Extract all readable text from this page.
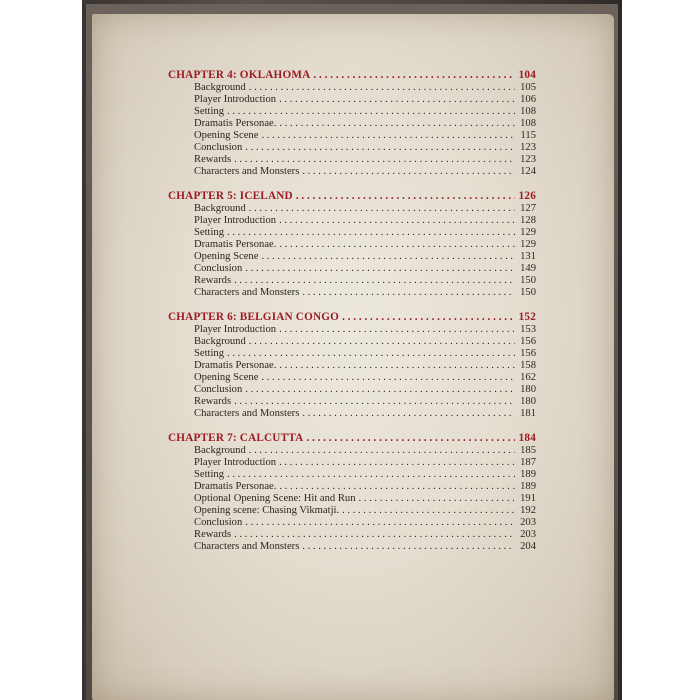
CHAPTER 4: OKLAHOMA . . .	104
Background . . .	105
Player Introduction . . .	106
Setting . . .	108
Dramatis Personae. . . .	108
Opening Scene . . .	115
Conclusion . . .	123
Rewards . . .	123
Characters and Monsters . . .	124
CHAPTER 5: ICELAND . . .	126
Background . . .	127
Player Introduction . . .	128
Setting . . .	129
Dramatis Personae. . . .	129
Opening Scene . . .	131
Conclusion . . .	149
Rewards . . .	150
Characters and Monsters . . .	150
CHAPTER 6: BELGIAN CONGO . . .	152
Player Introduction . . .	153
Background . . .	156
Setting . . .	156
Dramatis Personae. . . .	158
Opening Scene . . .	162
Conclusion . . .	180
Rewards . . .	180
Characters and Monsters . . .	181
CHAPTER 7: CALCUTTA . . .	184
Background . . .	185
Player Introduction . . .	187
Setting . . .	189
Dramatis Personae. . . .	189
Optional Opening Scene: Hit and Run . . .	191
Opening scene: Chasing Vikmatji. . . .	192
Conclusion . . .	203
Rewards . . .	203
Characters and Monsters . . .	204
